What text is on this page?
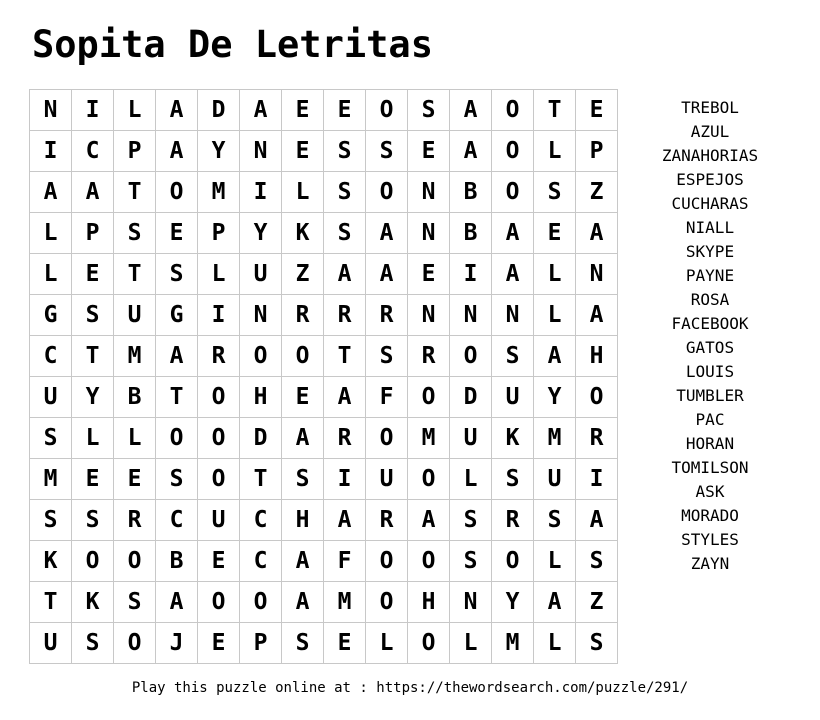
Sopita De Letritas
N	I	L	A	D	A	E	E	O	S	A	O	T	E
I	C	P	A	Y	N	E	S	S	E	A	O	L	P
A	A	T	O	M	I	L	S	O	N	B	O	S	Z
L	P	S	E	P	Y	K	S	A	N	B	A	E	A
L	E	T	S	L	U	Z	A	A	E	I	A	L	N
G	S	U	G	I	N	R	R	R	N	N	N	L	A
C	T	M	A	R	O	O	T	S	R	O	S	A	H
U	Y	B	T	O	H	E	A	F	O	D	U	Y	O
S	L	L	O	O	D	A	R	O	M	U	K	M	R
M	E	E	S	O	T	S	I	U	O	L	S	U	I
S	S	R	C	U	C	H	A	R	A	S	R	S	A
K	O	O	B	E	C	A	F	O	O	S	O	L	S
T	K	S	A	O	O	A	M	O	H	N	Y	A	Z
U	S	O	J	E	P	S	E	L	O	L	M	L	S
TREBOL
AZUL
ZANAHORIAS
ESPEJOS
CUCHARAS
NIALL
SKYPE
PAYNE
ROSA
FACEBOOK
GATOS
LOUIS
TUMBLER
PAC
HORAN
TOMILSON
ASK
MORADO
STYLES
ZAYN
Play this puzzle online at : https://thewordsearch.com/puzzle/291/
